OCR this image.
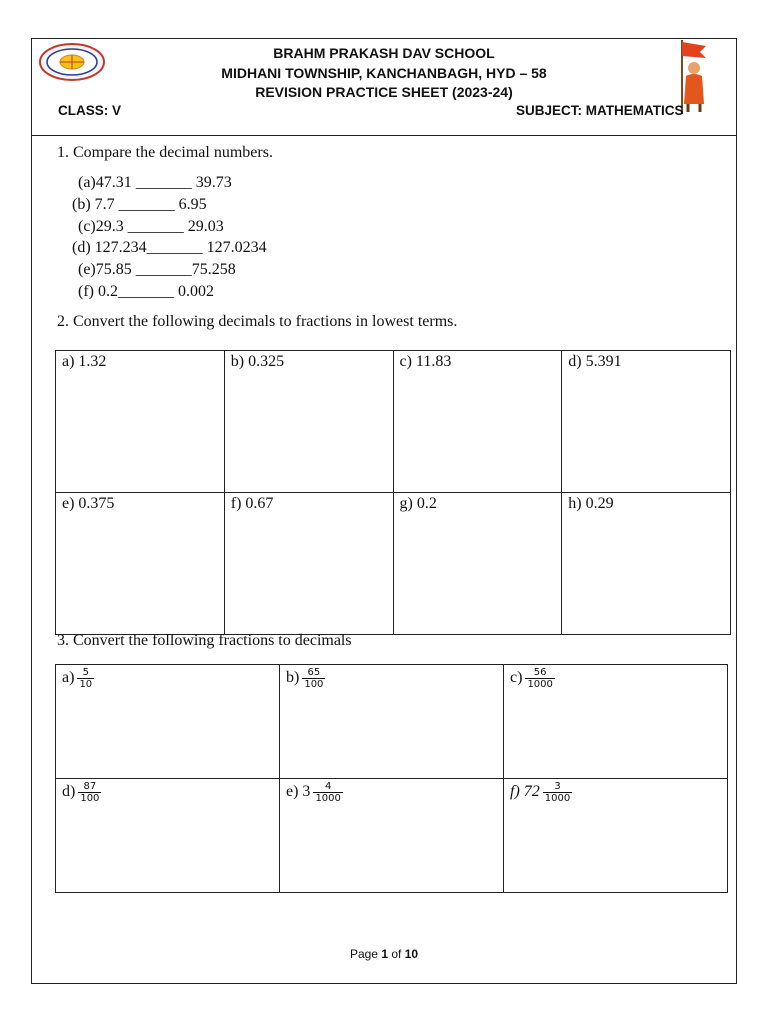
BRAHM PRAKASH DAV SCHOOL
MIDHANI TOWNSHIP, KANCHANBAGH, HYD – 58
REVISION PRACTICE SHEET (2023-24)
CLASS: V	SUBJECT: MATHEMATICS
1. Compare the decimal numbers.
(a)47.31 _______ 39.73
(b) 7.7 _______ 6.95
(c)29.3 _______ 29.03
(d) 127.234_______ 127.0234
(e)75.85 _______75.258
(f) 0.2_______ 0.002
2. Convert the following decimals to fractions in lowest terms.
a) 1.32	b) 0.325	c) 11.83	d) 5.391
e) 0.375	f) 0.67	g) 0.2	h) 0.29
3. Convert the following fractions to decimals
$a) \frac{5}{10}$	$b) \frac{65}{100}$	$c) \frac{56}{1000}$

$d) \frac{87}{100}$	e) $3 \frac{4}{1000}$	f) $72 \frac{3}{1000}$
Page 1 of 10
